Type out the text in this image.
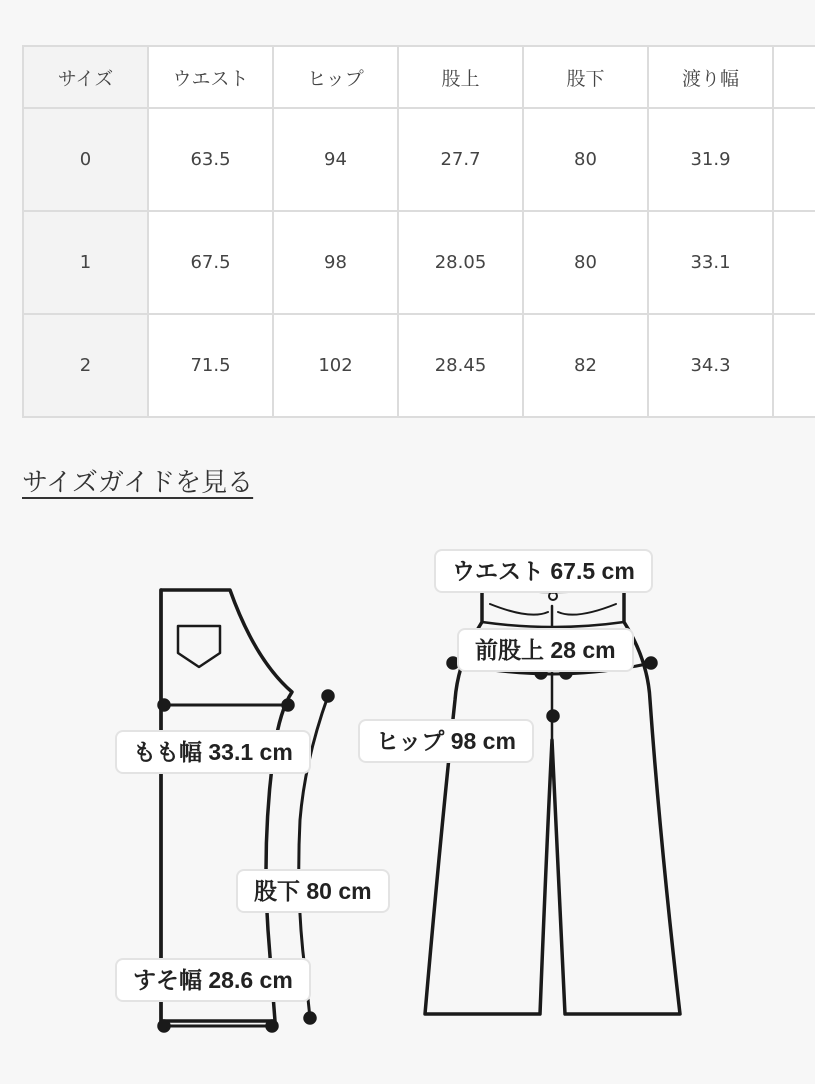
サイズ	ウエスト	ヒップ	股上	股下	渡り幅	
0	63.5	94	27.7	80	31.9	
1	67.5	98	28.05	80	33.1	
2	71.5	102	28.45	82	34.3	
サイズガイドを見る
もも幅 33.1 cm
股下 80 cm
すそ幅 28.6 cm
ウエスト 67.5 cm
前股上 28 cm
ヒップ 98 cm
